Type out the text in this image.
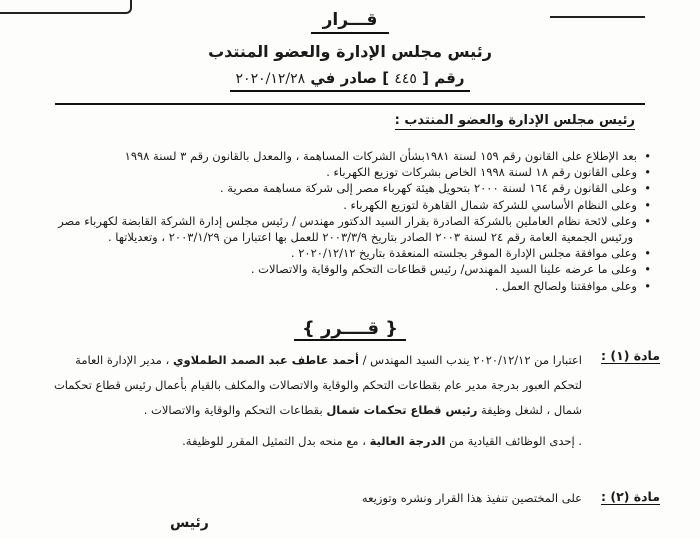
قـــرار
رئيس مجلس الإدارة والعضو المنتدب
رقم [ ٤٤٥ ] صادر في ٢٠٢٠/١٢/٢٨
رئيس مجلس الإدارة والعضو المنتدب :
• بعد الإطلاع على القانون رقم ١٥٩ لسنة ١٩٨١بشأن الشركات المساهمة ، والمعدل بالقانون رقم ٣ لسنة ١٩٩٨
• وعلى القانون رقم ١٨ لسنة ١٩٩٨ الخاص بشركات توزيع الكهرباء .
• وعلى القانون رقم ١٦٤ لسنة ٢٠٠٠ بتحويل هيئة كهرباء مصر إلى شركة مساهمة مصرية .
• وعلى النظام الأساسي للشركة شمال القاهرة لتوزيع الكهرباء .
• وعلى لائحة نظام العاملين بالشركة الصادرة بقرار السيد الدكتور مهندس / رئيس مجلس إدارة الشركة القابضة لكهرباء مصر
ورئيس الجمعية العامة رقم ٢٤ لسنة ٢٠٠٣ الصادر بتاريخ ٢٠٠٣/٣/٩ للعمل بها اعتبارا من ٢٠٠٣/١/٢٩ ، وتعديلاتها .
• وعلى موافقة مجلس الإدارة الموقر بجلسته المنعقدة بتاريخ ٢٠٢٠/١٢/١٢ .
• وعلى ما عرضه علينا السيد المهندس/ رئيس قطاعات التحكم والوقاية والاتصالات .
• وعلى موافقتنا ولصالح العمل .
{ قــــرر }
مادة (١) :
اعتبارا من ٢٠٢٠/١٢/١٢ يندب السيد المهندس / أحمد عاطف عبد الصمد الطملاوي ، مدير الإدارة العامة
لتحكم العبور بدرجة مدير عام بقطاعات التحكم والوقاية والاتصالات والمكلف بالقيام بأعمال رئيس قطاع تحكمات
شمال ، لشغل وظيفة رئيس قطاع تحكمات شمال بقطاعات التحكم والوقاية والاتصالات .
. إحدى الوظائف القيادية من الدرجة العالية ، مع منحه بدل التمثيل المقرر للوظيفة.
مادة (٢) :
على المختصين تنفيذ هذا القرار ونشره وتوزيعه
رئيس
